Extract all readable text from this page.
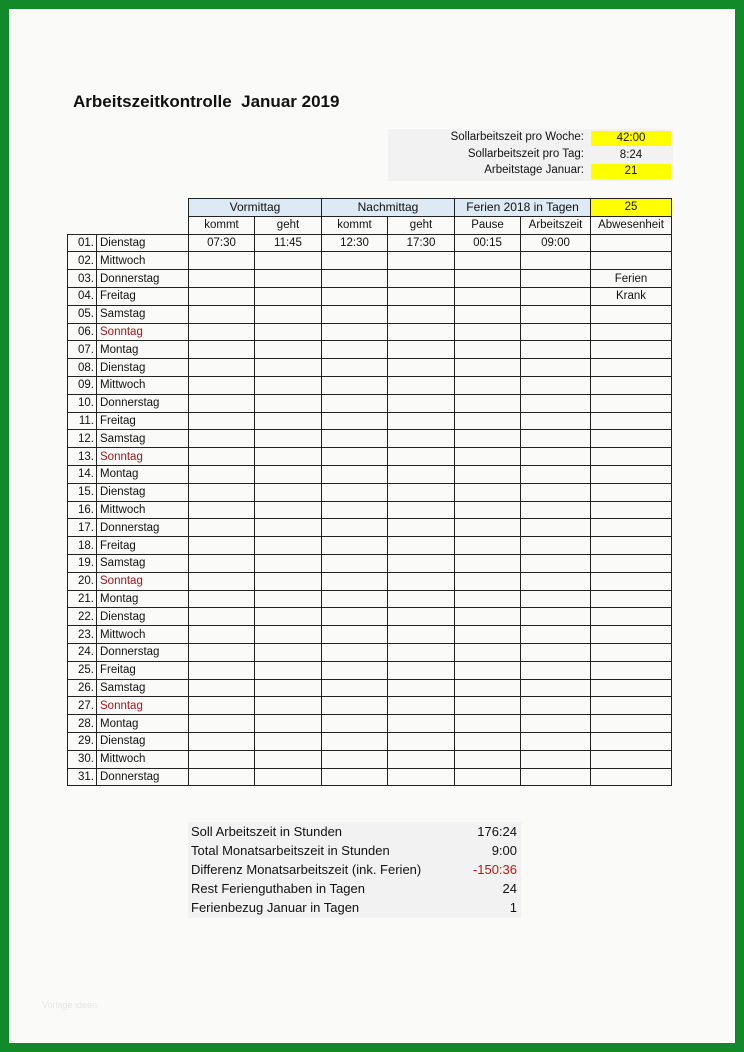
Arbeitszeitkontrolle  Januar 2019
Sollarbeitszeit pro Woche:	42:00
Sollarbeitszeit pro Tag:	8:24
Arbeitstage Januar:	21
		Vormittag		Nachmittag		Ferien 2018 in Tagen		25
		kommt	geht	kommt	geht	Pause	Arbeitszeit	Abwesenheit
01.	Dienstag	07:30	11:45	12:30	17:30	00:15	09:00	
02.	Mittwoch							
03.	Donnerstag							Ferien
04.	Freitag							Krank
05.	Samstag							
06.	Sonntag							
07.	Montag							
08.	Dienstag							
09.	Mittwoch							
10.	Donnerstag							
11.	Freitag							
12.	Samstag							
13.	Sonntag							
14.	Montag							
15.	Dienstag							
16.	Mittwoch							
17.	Donnerstag							
18.	Freitag							
19.	Samstag							
20.	Sonntag							
21.	Montag							
22.	Dienstag							
23.	Mittwoch							
24.	Donnerstag							
25.	Freitag							
26.	Samstag							
27.	Sonntag							
28.	Montag							
29.	Dienstag							
30.	Mittwoch							
31.	Donnerstag							
Soll Arbeitszeit in Stunden	176:24
Total Monatsarbeitszeit in Stunden	9:00
Differenz Monatsarbeitszeit (ink. Ferien)	-150:36
Rest Ferienguthaben in Tagen	24
Ferienbezug Januar in Tagen	1
Vorlage ideen
